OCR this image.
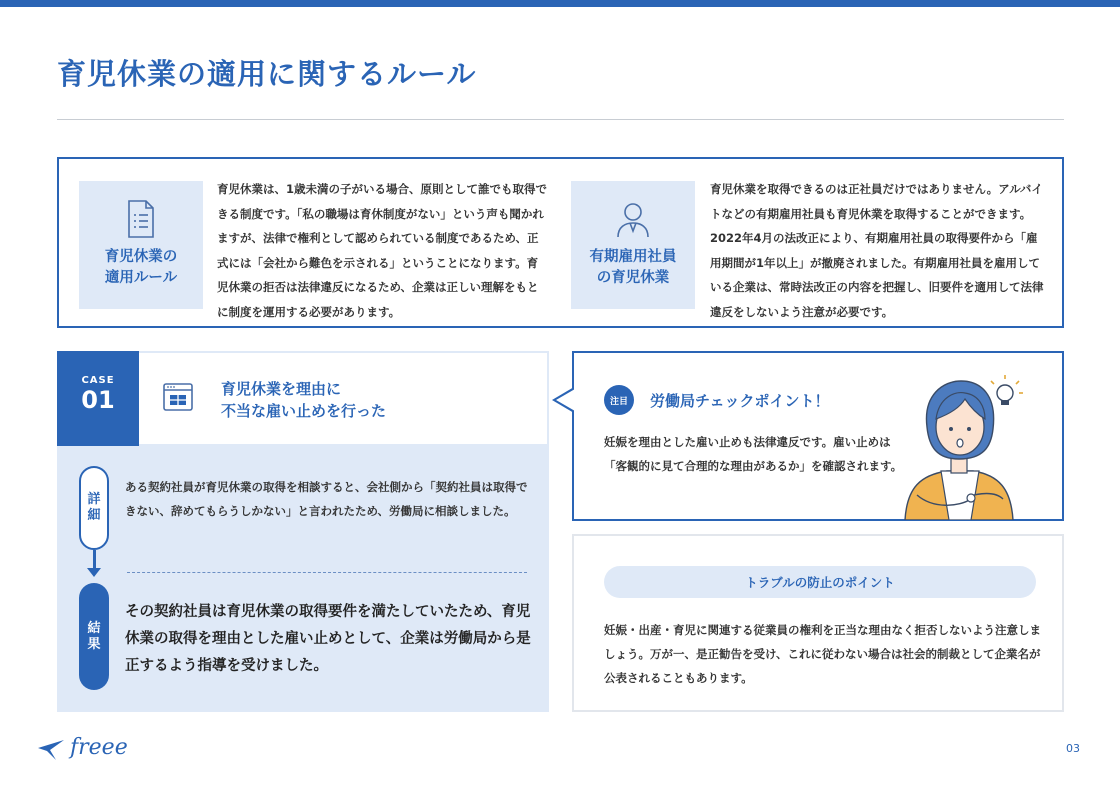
育児休業の適用に関するルール
育児休業の
適用ルール

育児休業は、1歳未満の子がいる場合、原則として誰でも取得できる制度です。「私の職場は育休制度がない」という声も聞かれますが、法律で権利として認められている制度であるため、正式には「会社から難色を示される」ということになります。育児休業の拒否は法律違反になるため、企業は正しい理解をもとに制度を運用する必要があります。

有期雇用社員
の育児休業

育児休業を取得できるのは正社員だけではありません。アルバイトなどの有期雇用社員も育児休業を取得することができます。2022年4月の法改正により、有期雇用社員の取得要件から「雇用期間が1年以上」が撤廃されました。有期雇用社員を雇用している企業は、常時法改正の内容を把握し、旧要件を適用して法律違反をしないよう注意が必要です。

CASE
01	育児休業を理由に
不当な雇い止めを行った
詳細

ある契約社員が育児休業の取得を相談すると、会社側から「契約社員は取得できない、辞めてもらうしかない」と言われたため、労働局に相談しました。

結果

その契約社員は育児休業の取得要件を満たしていたため、育児休業の取得を理由とした雇い止めとして、企業は労働局から是正するよう指導を受けました。

注目	労働局チェックポイント！

妊娠を理由とした雇い止めも法律違反です。雇い止めは「客観的に見て合理的な理由があるか」を確認されます。

トラブルの防止のポイント

妊娠・出産・育児に関連する従業員の権利を正当な理由なく拒否しないよう注意しましょう。万が一、是正勧告を受け、これに従わない場合は社会的制裁として企業名が公表されることもあります。

freee	03
